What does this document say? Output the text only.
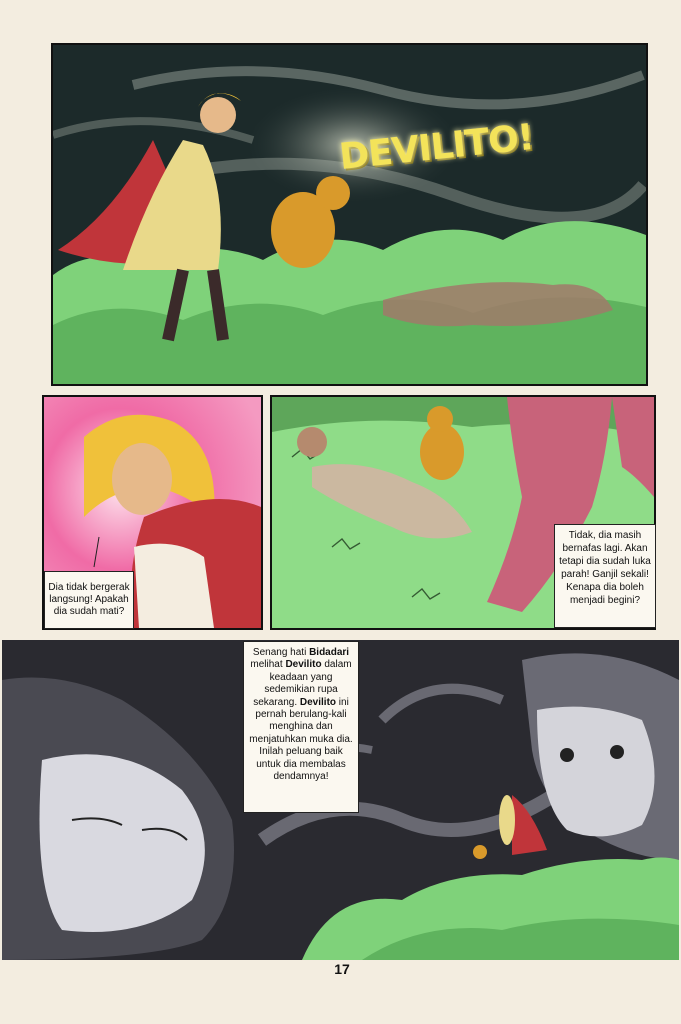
DEVILITO!
Dia tidak bergerak langsung! Apakah dia sudah mati?
Tidak, dia masih bernafas lagi. Akan tetapi dia sudah luka parah! Ganjil sekali! Kenapa dia boleh menjadi begini?
Senang hati Bidadari melihat Devilito dalam keadaan yang sedemikian rupa sekarang. Devilito ini pernah berulang-kali menghina dan menjatuhkan muka dia. Inilah peluang baik untuk dia membalas dendamnya!
17
